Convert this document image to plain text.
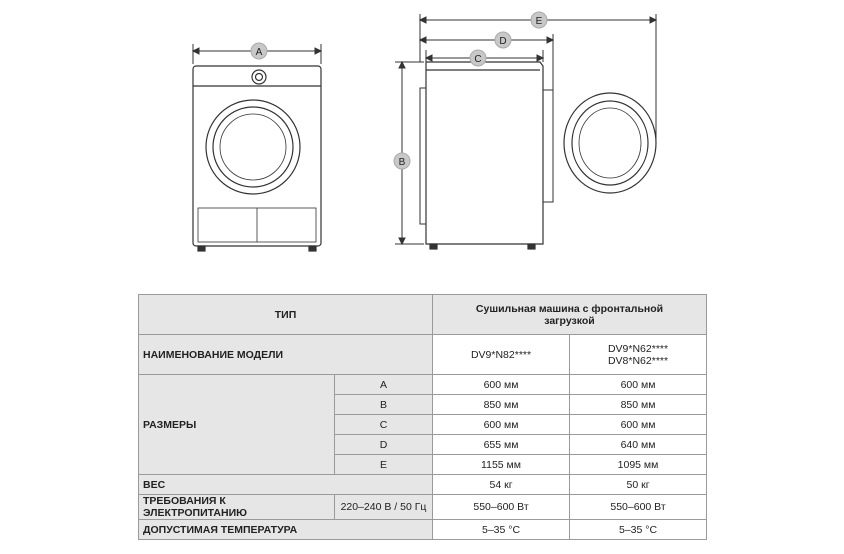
A
B
C
D
E
ТИП		Сушильная машина с фронтальной
загрузкой	

НАИМЕНОВАНИЕ МОДЕЛИ		DV9*N82****	DV9*N62****
DV8*N62****

РАЗМЕРЫ	A	600 мм	600 мм
	B	850 мм	850 мм
	C	600 мм	600 мм
	D	655 мм	640 мм
	E	1155 мм	1095 мм
ВЕС		54 кг	50 кг
ТРЕБОВАНИЯ К ЭЛЕКТРОПИТАНИЮ	220–240 В / 50 Гц	550–600 Вт	550–600 Вт
ДОПУСТИМАЯ ТЕМПЕРАТУРА		5–35 °C	5–35 °C
